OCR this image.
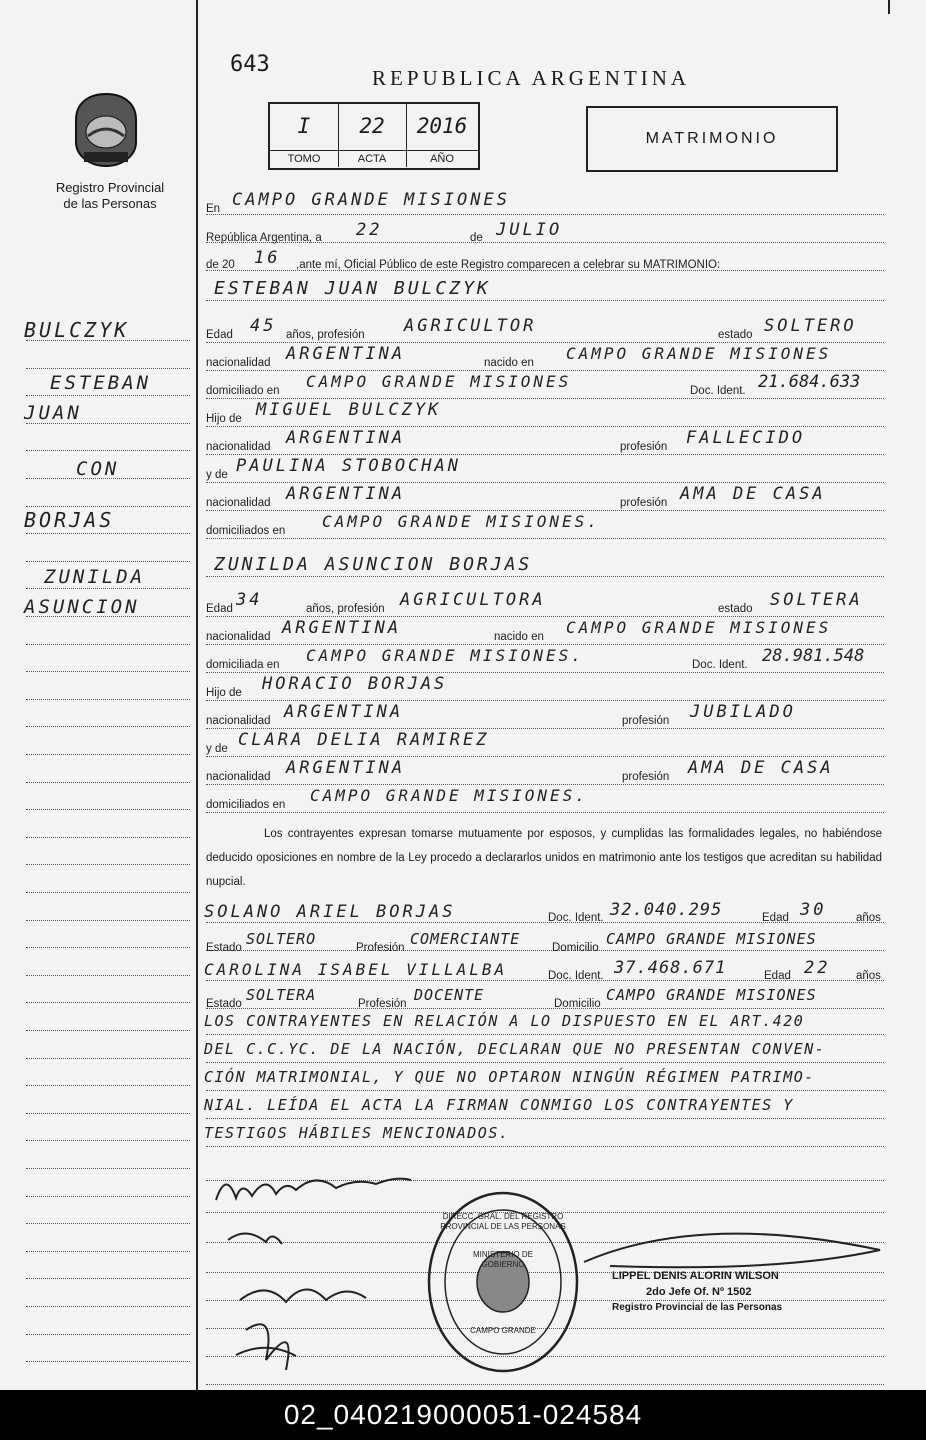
Registro Provincial
de las Personas
643
REPUBLICA ARGENTINA
I	22	2016
TOMO	ACTA	AÑO
MATRIMONIO
BULCZYK
ESTEBAN
JUAN
CON
BORJAS
ZUNILDA
ASUNCION
En CAMPO GRANDE MISIONES
República Argentina, a 22	de JULIO
de 20 16 ,ante mí, Oficial Público de este Registro comparecen a celebrar su MATRIMONIO:
ESTEBAN JUAN BULCZYK
Edad 45 años, profesión AGRICULTOR	estado SOLTERO
nacionalidad ARGENTINA	nacido en CAMPO GRANDE MISIONES
domiciliado en CAMPO GRANDE MISIONES	Doc. Ident. 21.684.633
Hijo de MIGUEL BULCZYK
nacionalidad ARGENTINA	profesión FALLECIDO
y de PAULINA STOBOCHAN
nacionalidad ARGENTINA	profesión AMA DE CASA
domiciliados en CAMPO GRANDE MISIONES.
ZUNILDA ASUNCION BORJAS
Edad 34	años, profesión AGRICULTORA	estado SOLTERA
nacionalidad ARGENTINA	nacido en CAMPO GRANDE MISIONES
domiciliada en CAMPO GRANDE MISIONES.	Doc. Ident. 28.981.548
Hijo de HORACIO BORJAS
nacionalidad ARGENTINA	profesión JUBILADO
y de CLARA DELIA RAMIREZ
nacionalidad ARGENTINA	profesión AMA DE CASA
domiciliados en CAMPO GRANDE MISIONES.
Los contrayentes expresan tomarse mutuamente por esposos, y cumplidas las formalidades legales, no habiéndose deducido oposiciones en nombre de la Ley procedo a declararlos unidos en matrimonio ante los testigos que acreditan su habilidad nupcial.
SOLANO ARIEL BORJAS	Doc. Ident. 32.040.295	Edad 30	años
Estado SOLTERO	Profesión COMERCIANTE	Domicilio CAMPO GRANDE MISIONES
CAROLINA ISABEL VILLALBA	Doc. Ident. 37.468.671	Edad 22 años
Estado SOLTERA	Profesión DOCENTE	Domicilio CAMPO GRANDE MISIONES
LOS CONTRAYENTES EN RELACIÓN A LO DISPUESTO EN EL ART.420
DEL C.C.YC. DE LA NACIÓN, DECLARAN QUE NO PRESENTAN CONVEN-
CIÓN MATRIMONIAL, Y QUE NO OPTARON NINGÚN RÉGIMEN PATRIMO-
NIAL. LEÍDA EL ACTA LA FIRMAN CONMIGO LOS CONTRAYENTES Y
TESTIGOS HÁBILES MENCIONADOS.
DIRECC. GRAL. DEL REGISTRO PROVINCIAL DE LAS PERSONAS
MINISTERIO DE GOBIERNO
CAMPO GRANDE
LIPPEL DENIS ALORIN WILSON
2do Jefe Of. Nº 1502
Registro Provincial de las Personas
02_040219000051-024584
